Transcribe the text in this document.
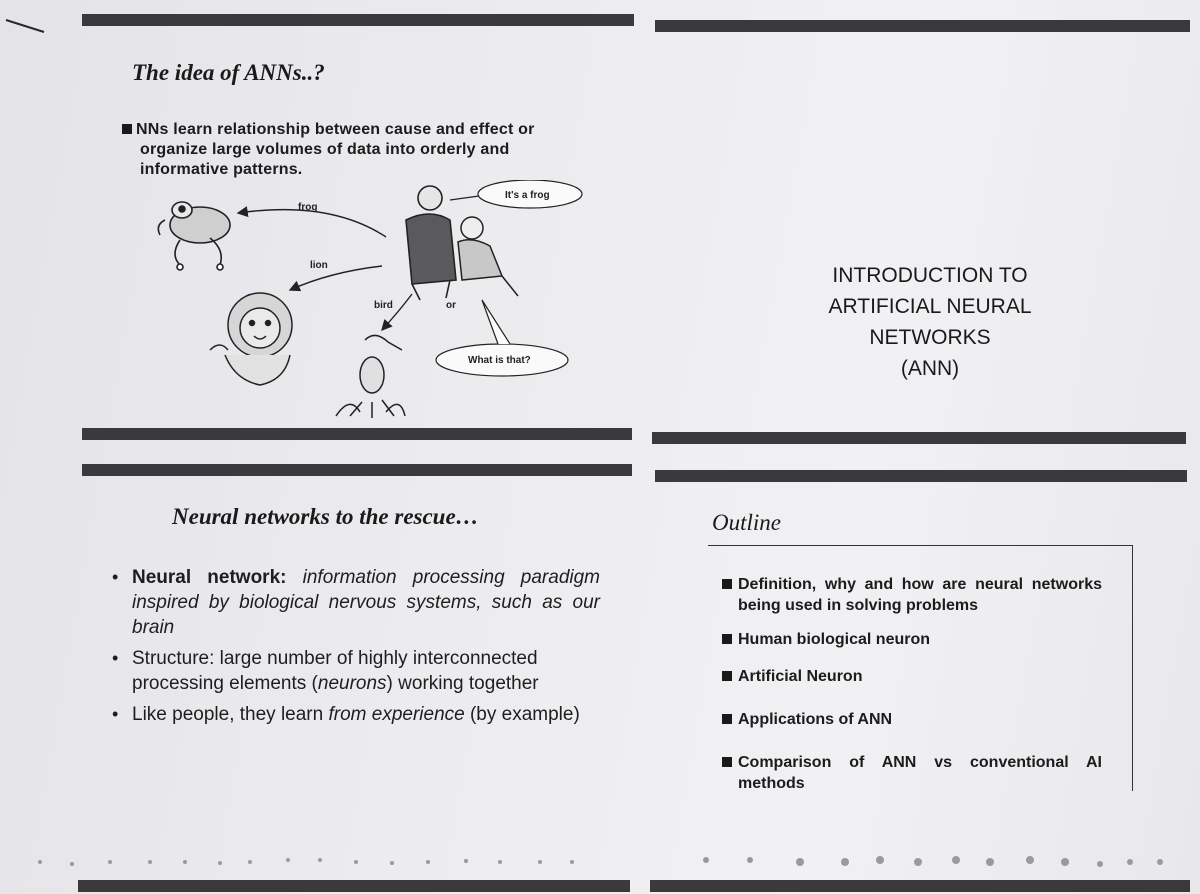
The idea of ANNs..?
NNs learn relationship between cause and effect or
organize large volumes of data into orderly and
informative patterns.
frog
lion
bird	or
It's a frog
What is that?
INTRODUCTION TO
ARTIFICIAL NEURAL
NETWORKS
(ANN)
Neural networks to the rescue…
• Neural network: information processing paradigm inspired by biological nervous systems, such as our brain
• Structure: large number of highly interconnected processing elements (neurons) working together
• Like people, they learn from experience (by example)
Outline
Definition, why and how are neural networks being used in solving problems
Human biological neuron
Artificial Neuron
Applications of ANN
Comparison of ANN vs conventional AI methods
